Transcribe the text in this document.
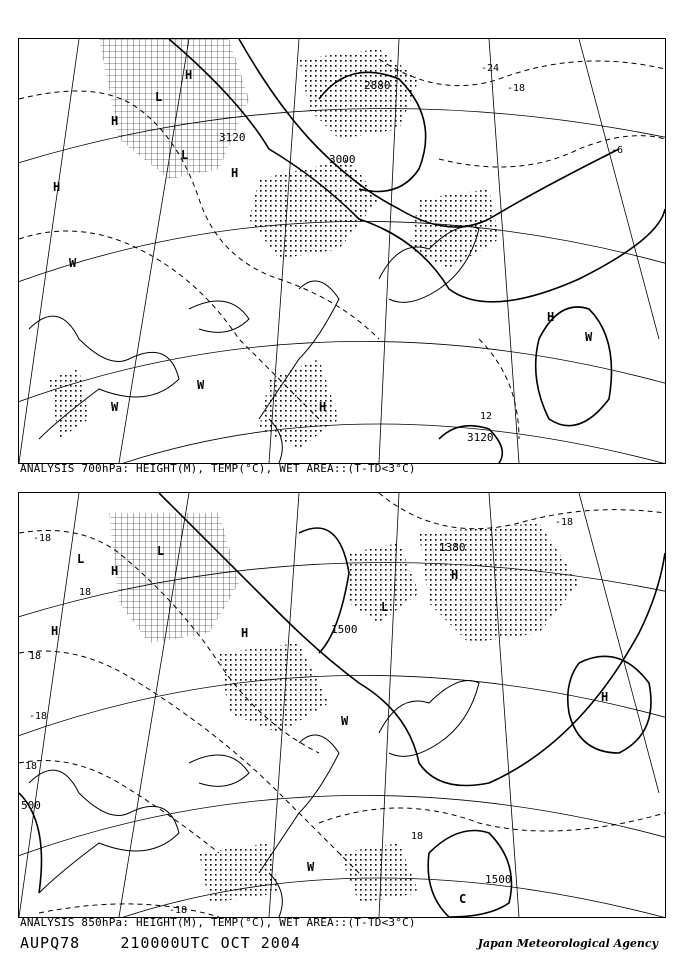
3120
3000
2880
3120
-24
-18
-6
12
L
L
H
H
H
H
W
W
W	H
W
H
ANALYSIS 700hPa: HEIGHT(M), TEMP(°C), WET AREA::(T-TD<3°C)
1380
1500
1500
500
-18
18
18
-18
18
-18
-18
18
L
L
H
H	H
L
H
W
H
W
C
ANALYSIS 850hPa: HEIGHT(M), TEMP(°C), WET AREA::(T-TD<3°C)
AUPQ78	210000UTC OCT 2004	Japan Meteorological Agency
